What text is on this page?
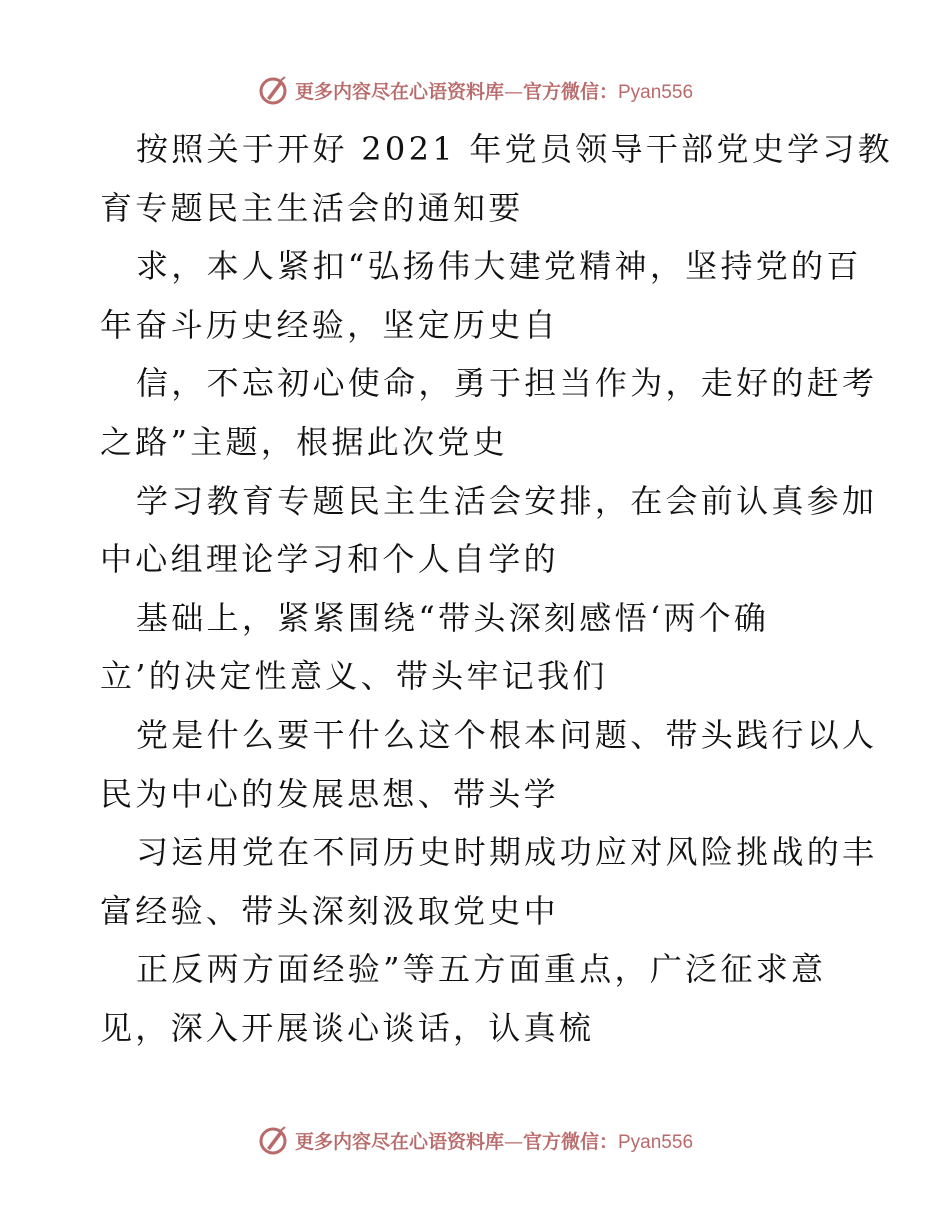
更多内容尽在心语资料库—官方微信：Pyan556
按照关于开好 2021 年党员领导干部党史学习教
育专题民主生活会的通知要
求，本人紧扣“弘扬伟大建党精神，坚持党的百
年奋斗历史经验，坚定历史自
信，不忘初心使命，勇于担当作为，走好的赶考
之路”主题，根据此次党史
学习教育专题民主生活会安排，在会前认真参加
中心组理论学习和个人自学的
基础上，紧紧围绕“带头深刻感悟‘两个确
立’的决定性意义、带头牢记我们
党是什么要干什么这个根本问题、带头践行以人
民为中心的发展思想、带头学
习运用党在不同历史时期成功应对风险挑战的丰
富经验、带头深刻汲取党史中
正反两方面经验”等五方面重点，广泛征求意
见，深入开展谈心谈话，认真梳
更多内容尽在心语资料库—官方微信：Pyan556
